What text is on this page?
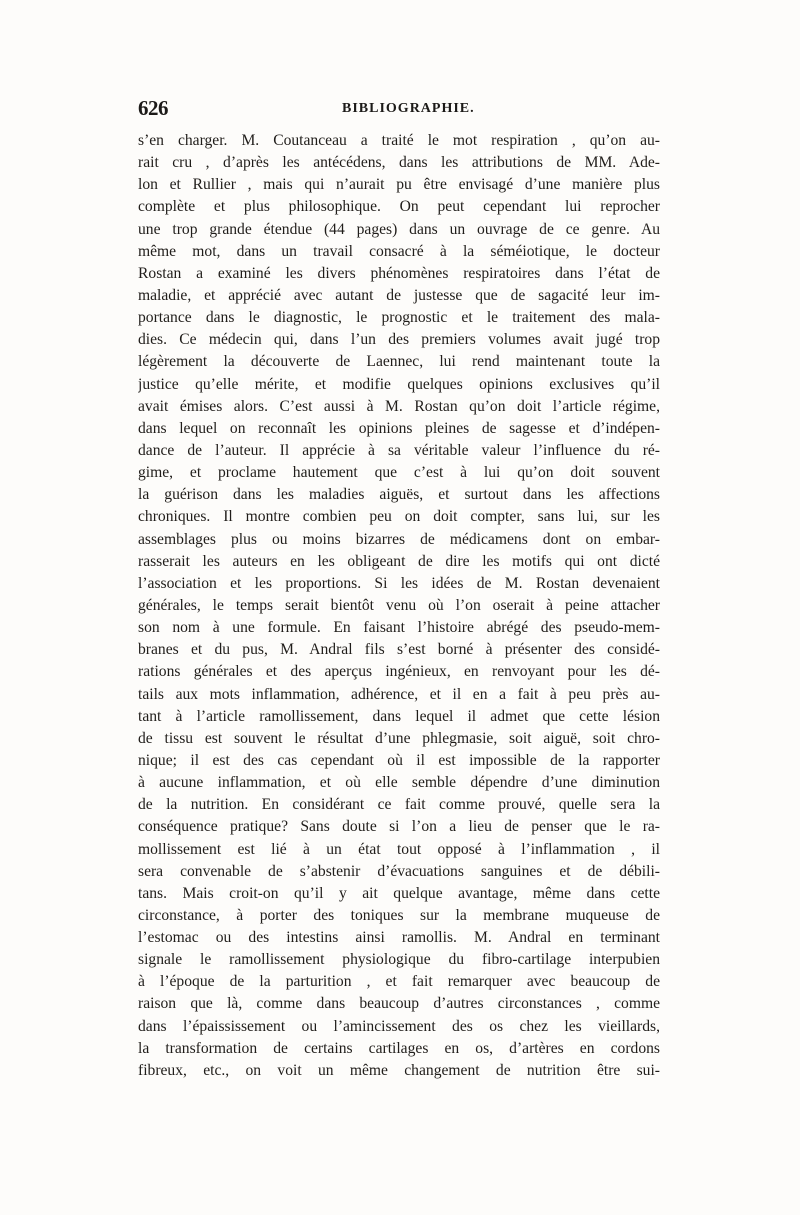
626	BIBLIOGRAPHIE.
s’en charger. M. Coutanceau a traité le mot respiration , qu’on au-
rait cru , d’après les antécédens, dans les attributions de MM. Ade-
lon et Rullier , mais qui n’aurait pu être envisagé d’une manière plus
complète et plus philosophique. On peut cependant lui reprocher
une trop grande étendue (44 pages) dans un ouvrage de ce genre. Au
même mot, dans un travail consacré à la séméiotique, le docteur
Rostan a examiné les divers phénomènes respiratoires dans l’état de
maladie, et apprécié avec autant de justesse que de sagacité leur im-
portance dans le diagnostic, le prognostic et le traitement des mala-
dies. Ce médecin qui, dans l’un des premiers volumes avait jugé trop
légèrement la découverte de Laennec, lui rend maintenant toute la
justice qu’elle mérite, et modifie quelques opinions exclusives qu’il
avait émises alors. C’est aussi à M. Rostan qu’on doit l’article régime,
dans lequel on reconnaît les opinions pleines de sagesse et d’indépen-
dance de l’auteur. Il apprécie à sa véritable valeur l’influence du ré-
gime, et proclame hautement que c’est à lui qu’on doit souvent
la guérison dans les maladies aiguës, et surtout dans les affections
chroniques. Il montre combien peu on doit compter, sans lui, sur les
assemblages plus ou moins bizarres de médicamens dont on embar-
rasserait les auteurs en les obligeant de dire les motifs qui ont dicté
l’association et les proportions. Si les idées de M. Rostan devenaient
générales, le temps serait bientôt venu où l’on oserait à peine attacher
son nom à une formule. En faisant l’histoire abrégé des pseudo-mem-
branes et du pus, M. Andral fils s’est borné à présenter des considé-
rations générales et des aperçus ingénieux, en renvoyant pour les dé-
tails aux mots inflammation, adhérence, et il en a fait à peu près au-
tant à l’article ramollissement, dans lequel il admet que cette lésion
de tissu est souvent le résultat d’une phlegmasie, soit aiguë, soit chro-
nique; il est des cas cependant où il est impossible de la rapporter
à aucune inflammation, et où elle semble dépendre d’une diminution
de la nutrition. En considérant ce fait comme prouvé, quelle sera la
conséquence pratique? Sans doute si l’on a lieu de penser que le ra-
mollissement est lié à un état tout opposé à l’inflammation , il
sera convenable de s’abstenir d’évacuations sanguines et de débili-
tans. Mais croit-on qu’il y ait quelque avantage, même dans cette
circonstance, à porter des toniques sur la membrane muqueuse de
l’estomac ou des intestins ainsi ramollis. M. Andral en terminant
signale le ramollissement physiologique du fibro-cartilage interpubien
à l’époque de la parturition , et fait remarquer avec beaucoup de
raison que là, comme dans beaucoup d’autres circonstances , comme
dans l’épaississement ou l’amincissement des os chez les vieillards,
la transformation de certains cartilages en os, d’artères en cordons
fibreux, etc., on voit un même changement de nutrition être sui-
